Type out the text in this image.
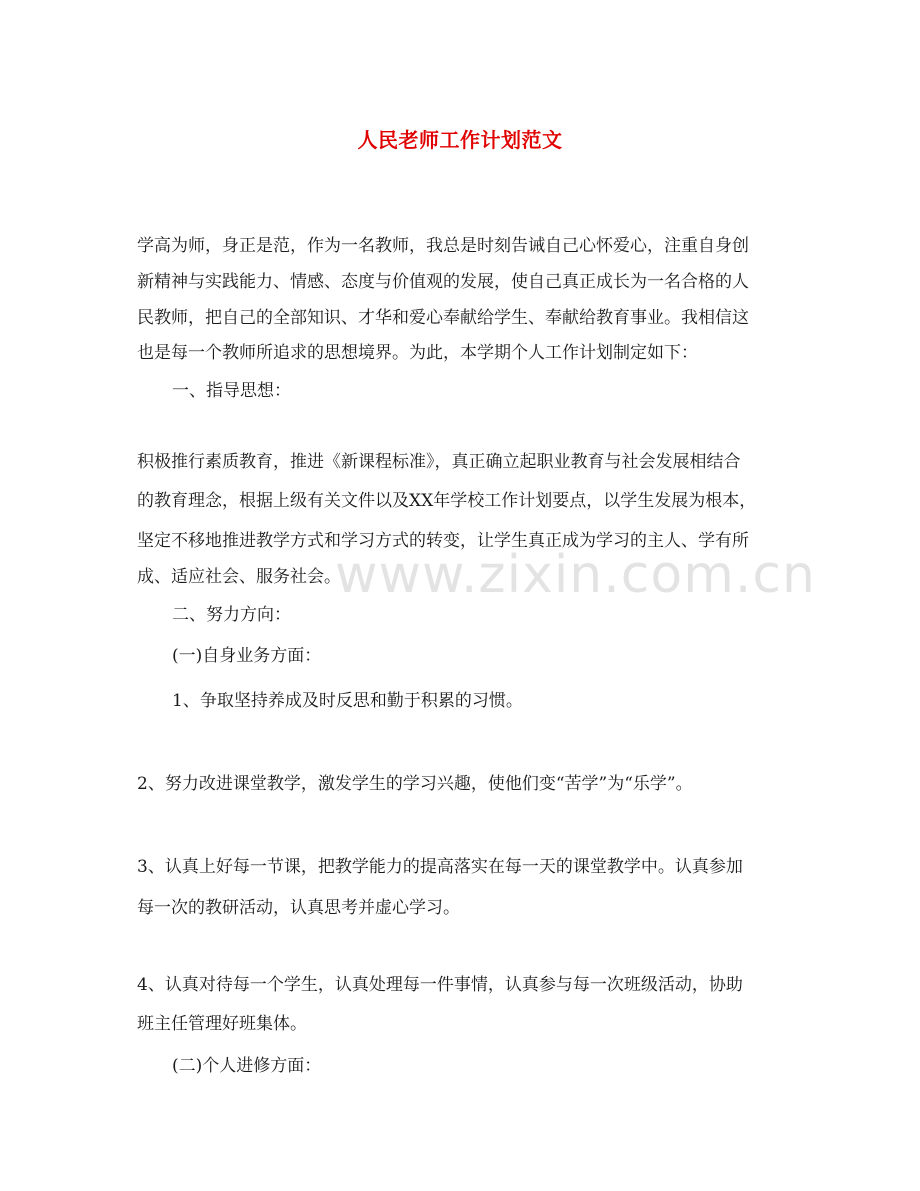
人民老师工作计划范文
学高为师，身正是范，作为一名教师，我总是时刻告诫自己心怀爱心，注重自身创
新精神与实践能力、情感、态度与价值观的发展，使自己真正成长为一名合格的人
民教师，把自己的全部知识、才华和爱心奉献给学生、奉献给教育事业。我相信这
也是每一个教师所追求的思想境界。为此，本学期个人工作计划制定如下：
一、指导思想：
积极推行素质教育，推进《新课程标准》，真正确立起职业教育与社会发展相结合
的教育理念，根据上级有关文件以及XX年学校工作计划要点，以学生发展为根本，
坚定不移地推进教学方式和学习方式的转变，让学生真正成为学习的主人、学有所
成、适应社会、服务社会。
二、努力方向：
(一)自身业务方面：
1、争取坚持养成及时反思和勤于积累的习惯。
2、努力改进课堂教学，激发学生的学习兴趣，使他们变“苦学”为“乐学”。
3、认真上好每一节课，把教学能力的提高落实在每一天的课堂教学中。认真参加
每一次的教研活动，认真思考并虚心学习。
4、认真对待每一个学生，认真处理每一件事情，认真参与每一次班级活动，协助
班主任管理好班集体。
(二)个人进修方面：
www.zixin.com.cn
